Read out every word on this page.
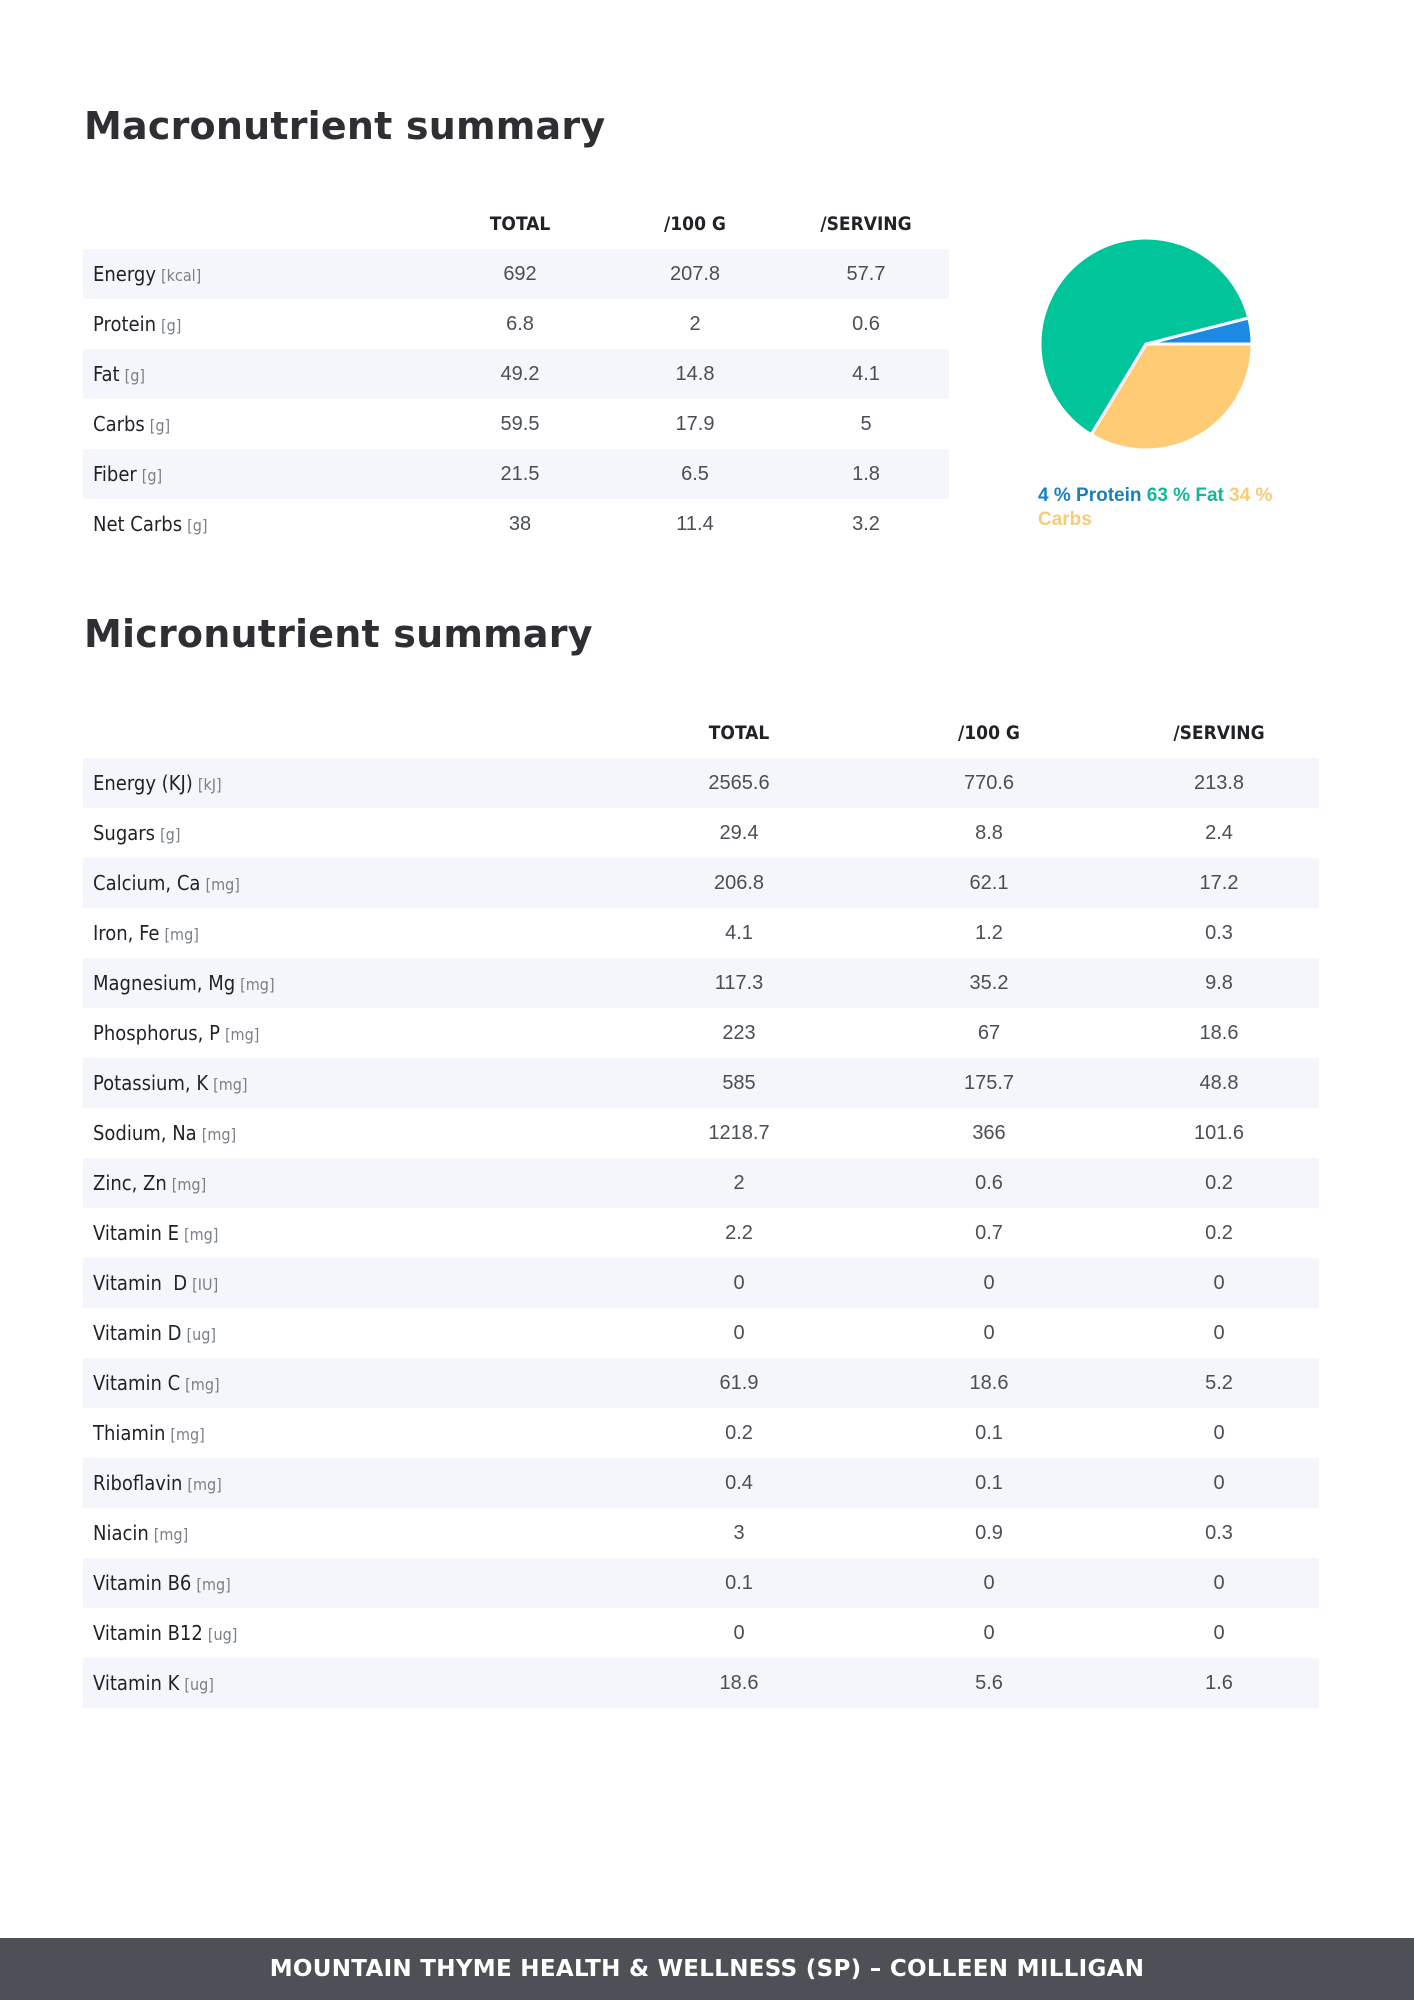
Macronutrient summary
	TOTAL	/100 G	/SERVING
Energy [kcal]	692	207.8	57.7
Protein [g]	6.8	2	0.6
Fat [g]	49.2	14.8	4.1
Carbs [g]	59.5	17.9	5
Fiber [g]	21.5	6.5	1.8
Net Carbs [g]	38	11.4	3.2
4 % Protein 63 % Fat 34 % Carbs
Micronutrient summary
	TOTAL	/100 G	/SERVING
Energy (KJ) [kJ]	2565.6	770.6	213.8
Sugars [g]	29.4	8.8	2.4
Calcium, Ca [mg]	206.8	62.1	17.2
Iron, Fe [mg]	4.1	1.2	0.3
Magnesium, Mg [mg]	117.3	35.2	9.8
Phosphorus, P [mg]	223	67	18.6
Potassium, K [mg]	585	175.7	48.8
Sodium, Na [mg]	1218.7	366	101.6
Zinc, Zn [mg]	2	0.6	0.2
Vitamin E [mg]	2.2	0.7	0.2
Vitamin  D [IU]	0	0	0
Vitamin D [ug]	0	0	0
Vitamin C [mg]	61.9	18.6	5.2
Thiamin [mg]	0.2	0.1	0
Riboflavin [mg]	0.4	0.1	0
Niacin [mg]	3	0.9	0.3
Vitamin B6 [mg]	0.1	0	0
Vitamin B12 [ug]	0	0	0
Vitamin K [ug]	18.6	5.6	1.6
MOUNTAIN THYME HEALTH & WELLNESS (SP) – COLLEEN MILLIGAN
